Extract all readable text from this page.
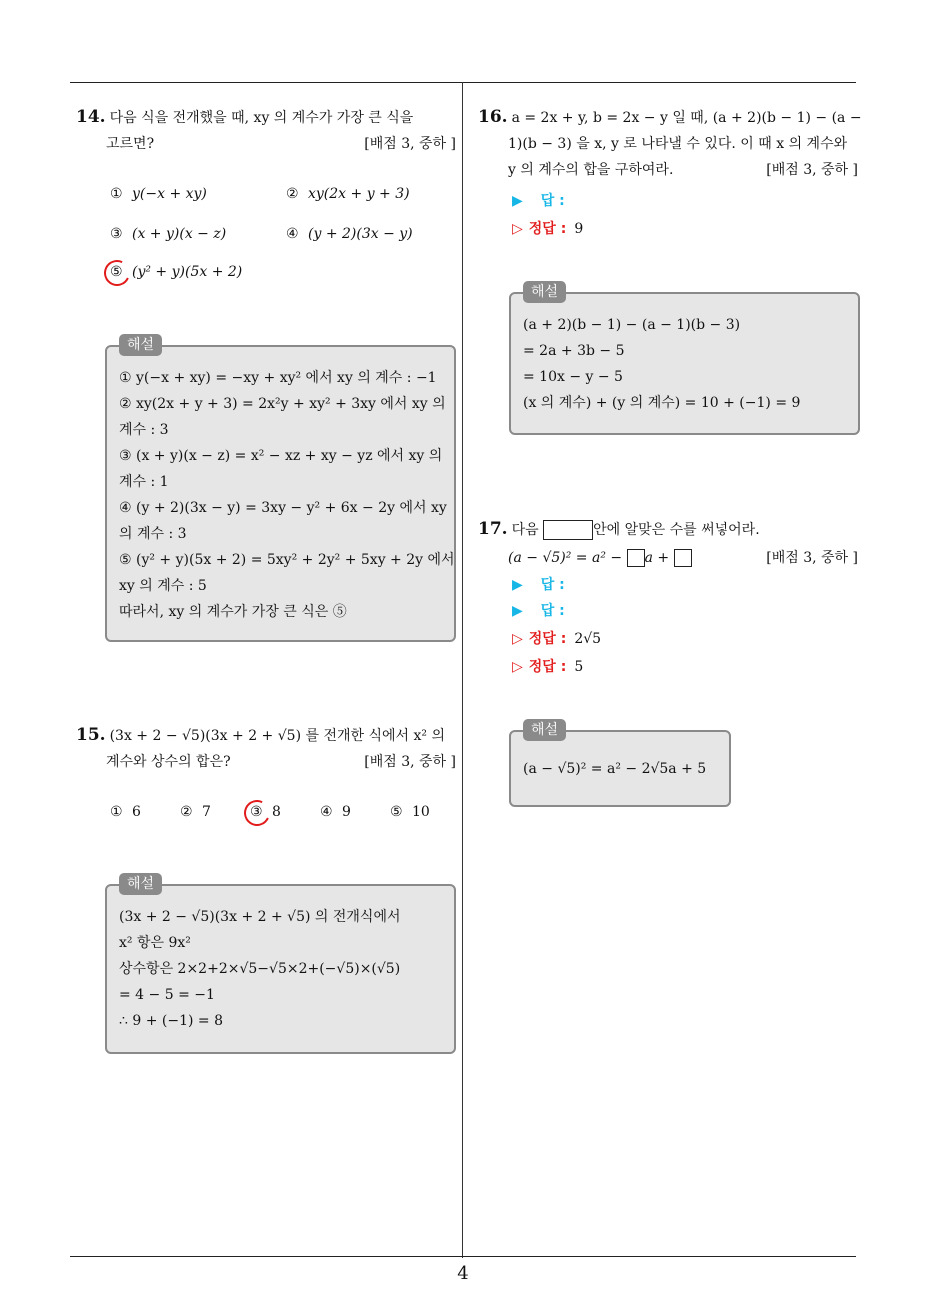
14. 다음 식을 전개했을 때, xy 의 계수가 가장 큰 식을
고르면?	[배점 3, 중하 ]
① y(−x + xy)	② xy(2x + y + 3)
③ (x + y)(x − z)	④ (y + 2)(3x − y)
⑤ (y² + y)(5x + 2)
해설
① y(−x + xy) = −xy + xy² 에서 xy 의 계수 : −1
② xy(2x + y + 3) = 2x²y + xy² + 3xy 에서 xy 의
계수 : 3
③ (x + y)(x − z) = x² − xz + xy − yz 에서 xy 의
계수 : 1
④ (y + 2)(3x − y) = 3xy − y² + 6x − 2y 에서 xy
의 계수 : 3
⑤ (y² + y)(5x + 2) = 5xy² + 2y² + 5xy + 2y 에서
xy 의 계수 : 5
따라서, xy 의 계수가 가장 큰 식은 ⑤
15. (3x + 2 − √5)(3x + 2 + √5) 를 전개한 식에서 x² 의
계수와 상수의 합은?	[배점 3, 중하 ]
① 6	② 7	③ 8	④ 9	⑤ 10
해설
(3x + 2 − √5)(3x + 2 + √5) 의 전개식에서
x² 항은 9x²
상수항은 2×2+2×√5−√5×2+(−√5)×(√5)
= 4 − 5 = −1
∴ 9 + (−1) = 8
16. a = 2x + y, b = 2x − y 일 때, (a + 2)(b − 1) − (a −
1)(b − 3) 을 x, y 로 나타낼 수 있다. 이 때 x 의 계수와
y 의 계수의 합을 구하여라.	[배점 3, 중하 ]
▶ 답 :
▷ 정답 : 9
해설
(a + 2)(b − 1) − (a − 1)(b − 3)
= 2a + 3b − 5
= 10x − y − 5
(x 의 계수) + (y 의 계수) = 10 + (−1) = 9
17. 다음	안에 알맞은 수를 써넣어라.
(a − √5)² = a² − a +	[배점 3, 중하 ]
▶ 답 :
▶ 답 :
▷ 정답 : 2√5
▷ 정답 : 5
해설
(a − √5)² = a² − 2√5a + 5
4
